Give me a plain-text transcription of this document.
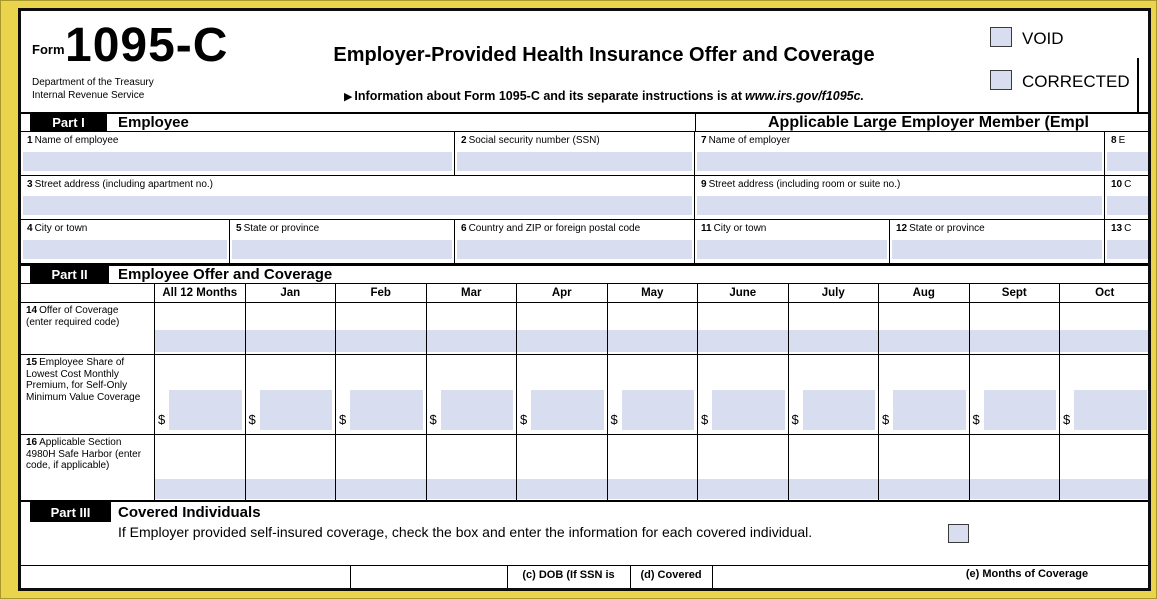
Form 1095-C
Department of the Treasury
Internal Revenue Service
Employer-Provided Health Insurance Offer and Coverage
▶ Information about Form 1095-C and its separate instructions is at www.irs.gov/f1095c.
VOID
CORRECTED
Part I	Employee	Applicable Large Employer Member (Empl
1 Name of employee	2 Social security number (SSN)	7 Name of employer	8 E
3 Street address (including apartment no.)	9 Street address (including room or suite no.)	10 C
4 City or town	5 State or province	6 Country and ZIP or foreign postal code	11 City or town	12 State or province	13 C
Part II	Employee Offer and Coverage
All 12 Months	Jan	Feb	Mar	Apr	May	June	July	Aug	Sept	Oct
14 Offer of Coverage (enter required code)
15 Employee Share of Lowest Cost Monthly Premium, for Self-Only Minimum Value Coverage
$	$	$	$	$	$	$	$	$	$	$
16 Applicable Section 4980H Safe Harbor (enter code, if applicable)
Part III	Covered Individuals
If Employer provided self-insured coverage, check the box and enter the information for each covered individual.
(c) DOB (If SSN is	(d) Covered	(e) Months of Coverage
